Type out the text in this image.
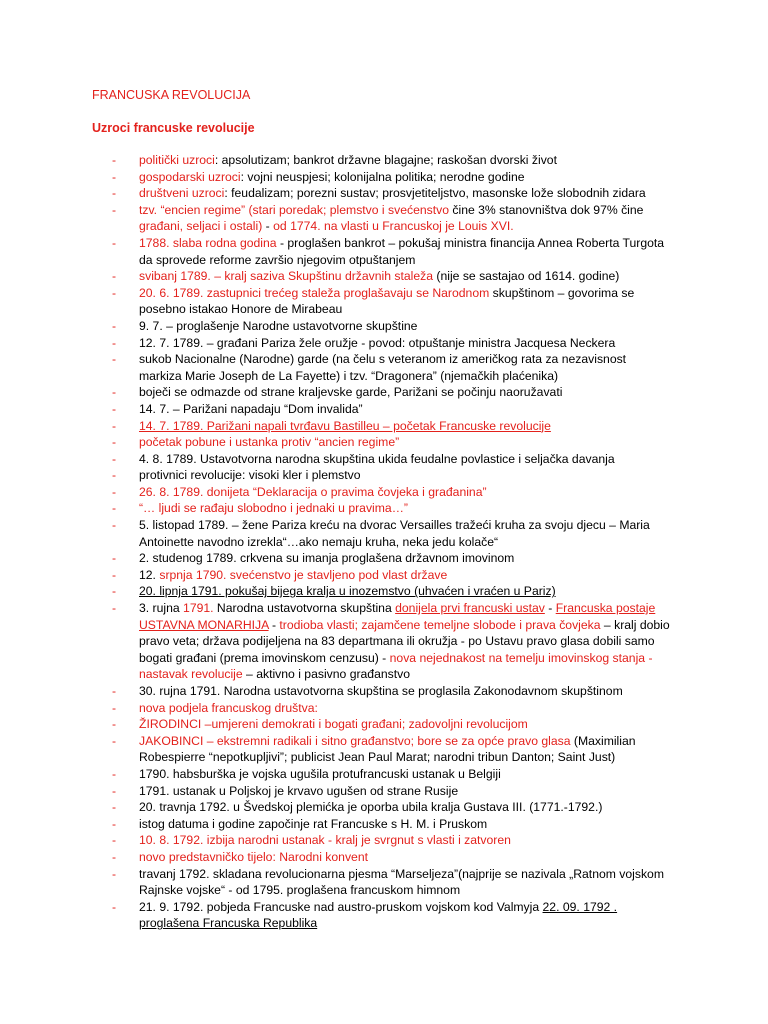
FRANCUSKA REVOLUCIJA
Uzroci francuske revolucije
- politički uzroci: apsolutizam; bankrot državne blagajne; raskošan dvorski život
- gospodarski uzroci: vojni neuspjesi; kolonijalna politika; nerodne godine
- društveni uzroci: feudalizam; porezni sustav; prosvjetiteljstvo, masonske lože slobodnih zidara
- tzv. “encien regime” (stari poredak; plemstvo i svećenstvo čine 3% stanovništva dok 97% čine građani, seljaci i ostali) - od 1774. na vlasti u Francuskoj je Louis XVI.
- 1788. slaba rodna godina - proglašen bankrot – pokušaj ministra financija Annea Roberta Turgota da sprovede reforme završio njegovim otpuštanjem
- svibanj 1789. – kralj saziva Skupštinu državnih staleža (nije se sastajao od 1614. godine)
- 20. 6. 1789. zastupnici trećeg staleža proglašavaju se Narodnom skupštinom – govorima se posebno istakao Honore de Mirabeau
- 9. 7. – proglašenje Narodne ustavotvorne skupštine
- 12. 7. 1789. – građani Pariza žele oružje - povod: otpuštanje ministra Jacquesa Neckera
- sukob Nacionalne (Narodne) garde (na čelu s veteranom iz američkog rata za nezavisnost markiza Marie Joseph de La Fayette) i tzv. “Dragonera” (njemačkih plaćenika)
- boječi se odmazde od strane kraljevske garde, Parižani se počinju naoružavati
- 14. 7. – Parižani napadaju “Dom invalida”
- 14. 7. 1789. Parižani napali tvrđavu Bastilleu – početak Francuske revolucije
- početak pobune i ustanka protiv “ancien regime”
- 4. 8. 1789. Ustavotvorna narodna skupština ukida feudalne povlastice i seljačka davanja
- protivnici revolucije: visoki kler i plemstvo
- 26. 8. 1789. donijeta “Deklaracija o pravima čovjeka i građanina”
- “… ljudi se rađaju slobodno i jednaki u pravima…”
- 5. listopad 1789. – žene Pariza kreću na dvorac Versailles tražeći kruha za svoju djecu – Maria Antoinette navodno izrekla“…ako nemaju kruha, neka jedu kolače“
- 2. studenog 1789. crkvena su imanja proglašena državnom imovinom
- 12. srpnja 1790. svećenstvo je stavljeno pod vlast države
- 20. lipnja 1791. pokušaj bijega kralja u inozemstvo (uhvaćen i vraćen u Pariz)
- 3. rujna 1791. Narodna ustavotvorna skupština donijela prvi francuski ustav - Francuska postaje USTAVNA MONARHIJA - trodioba vlasti; zajamčene temeljne slobode i prava čovjeka – kralj dobio pravo veta; država podijeljena na 83 departmana ili okružja - po Ustavu pravo glasa dobili samo bogati građani (prema imovinskom cenzusu) - nova nejednakost na temelju imovinskog stanja - nastavak revolucije – aktivno i pasivno građanstvo
- 30. rujna 1791. Narodna ustavotvorna skupština se proglasila Zakonodavnom skupštinom
- nova podjela francuskog društva:
- ŽIRODINCI –umjereni demokrati i bogati građani; zadovoljni revolucijom
- JAKOBINCI – ekstremni radikali i sitno građanstvo; bore se za opće pravo glasa (Maximilian Robespierre “nepotkupljivi”; publicist Jean Paul Marat; narodni tribun Danton; Saint Just)
- 1790. habsburška je vojska ugušila protufrancuski ustanak u Belgiji
- 1791. ustanak u Poljskoj je krvavo ugušen od strane Rusije
- 20. travnja 1792. u Švedskoj plemićka je oporba ubila kralja Gustava III. (1771.-1792.)
- istog datuma i godine započinje rat Francuske s H. M. i Pruskom
- 10. 8. 1792. izbija narodni ustanak - kralj je svrgnut s vlasti i zatvoren
- novo predstavničko tijelo: Narodni konvent
- travanj 1792. skladana revolucionarna pjesma “Marseljeza”(najprije se nazivala „Ratnom vojskom Rajnske vojske“ - od 1795. proglašena francuskom himnom
- 21. 9. 1792. pobjeda Francuske nad austro-pruskom vojskom kod Valmyja 22. 09. 1792 . proglašena Francuska Republika
